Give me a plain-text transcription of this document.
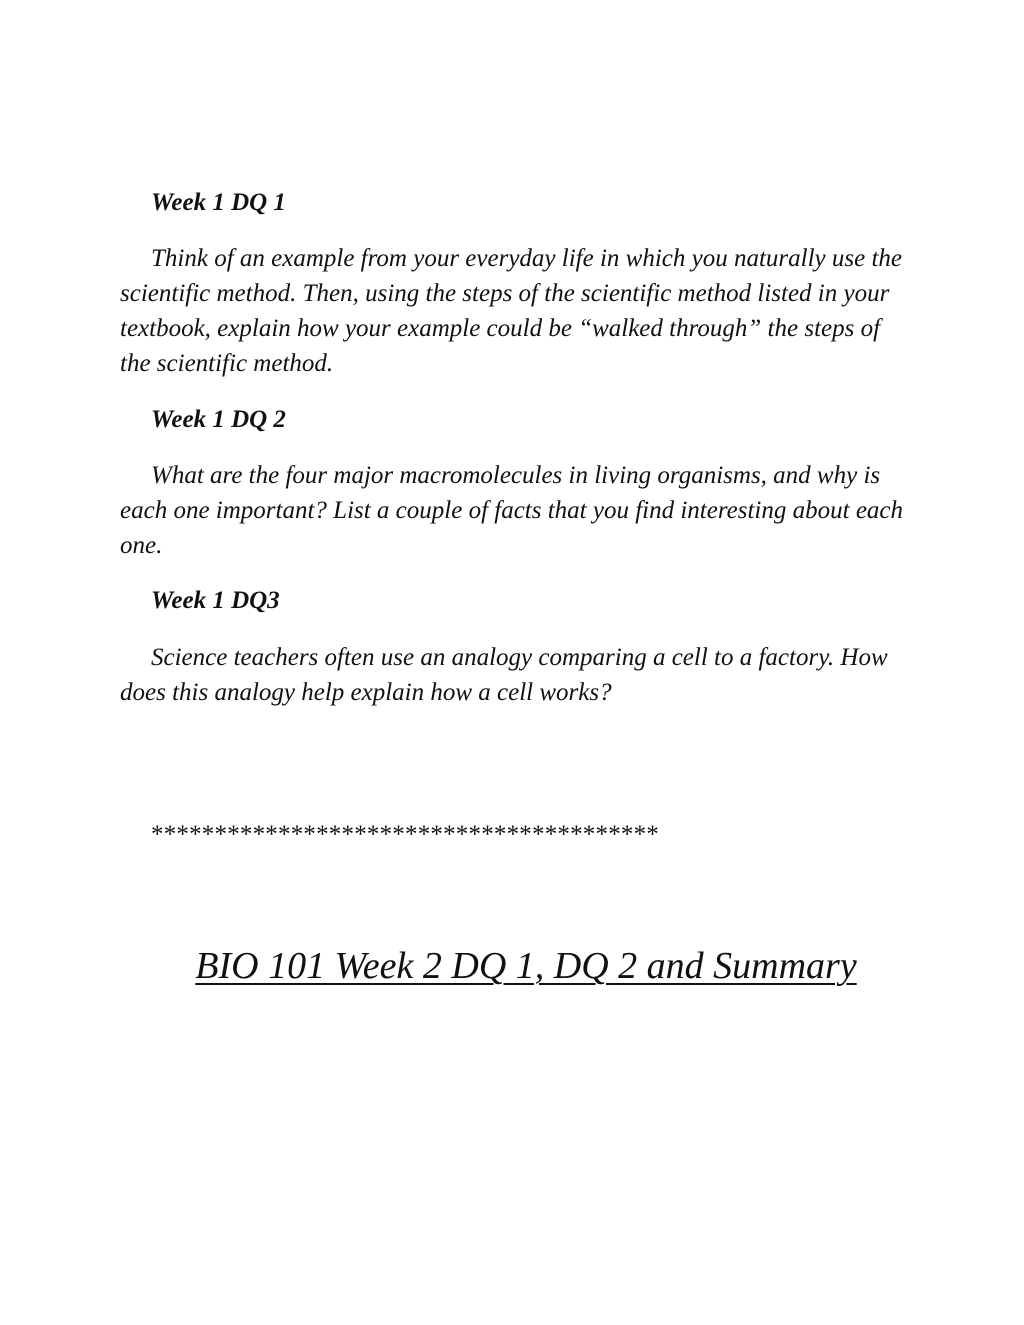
Week 1 DQ 1

Think of an example from your everyday life in which you naturally use the scientific method. Then, using the steps of the scientific method listed in your textbook, explain how your example could be “walked through” the steps of the scientific method.

Week 1 DQ 2

What are the four major macromolecules in living organisms, and why is each one important? List a couple of facts that you find interesting about each one.

Week 1 DQ3

Science teachers often use an analogy comparing a cell to a factory. How does this analogy help explain how a cell works?

****************************************

BIO 101 Week 2 DQ 1, DQ 2 and Summary
